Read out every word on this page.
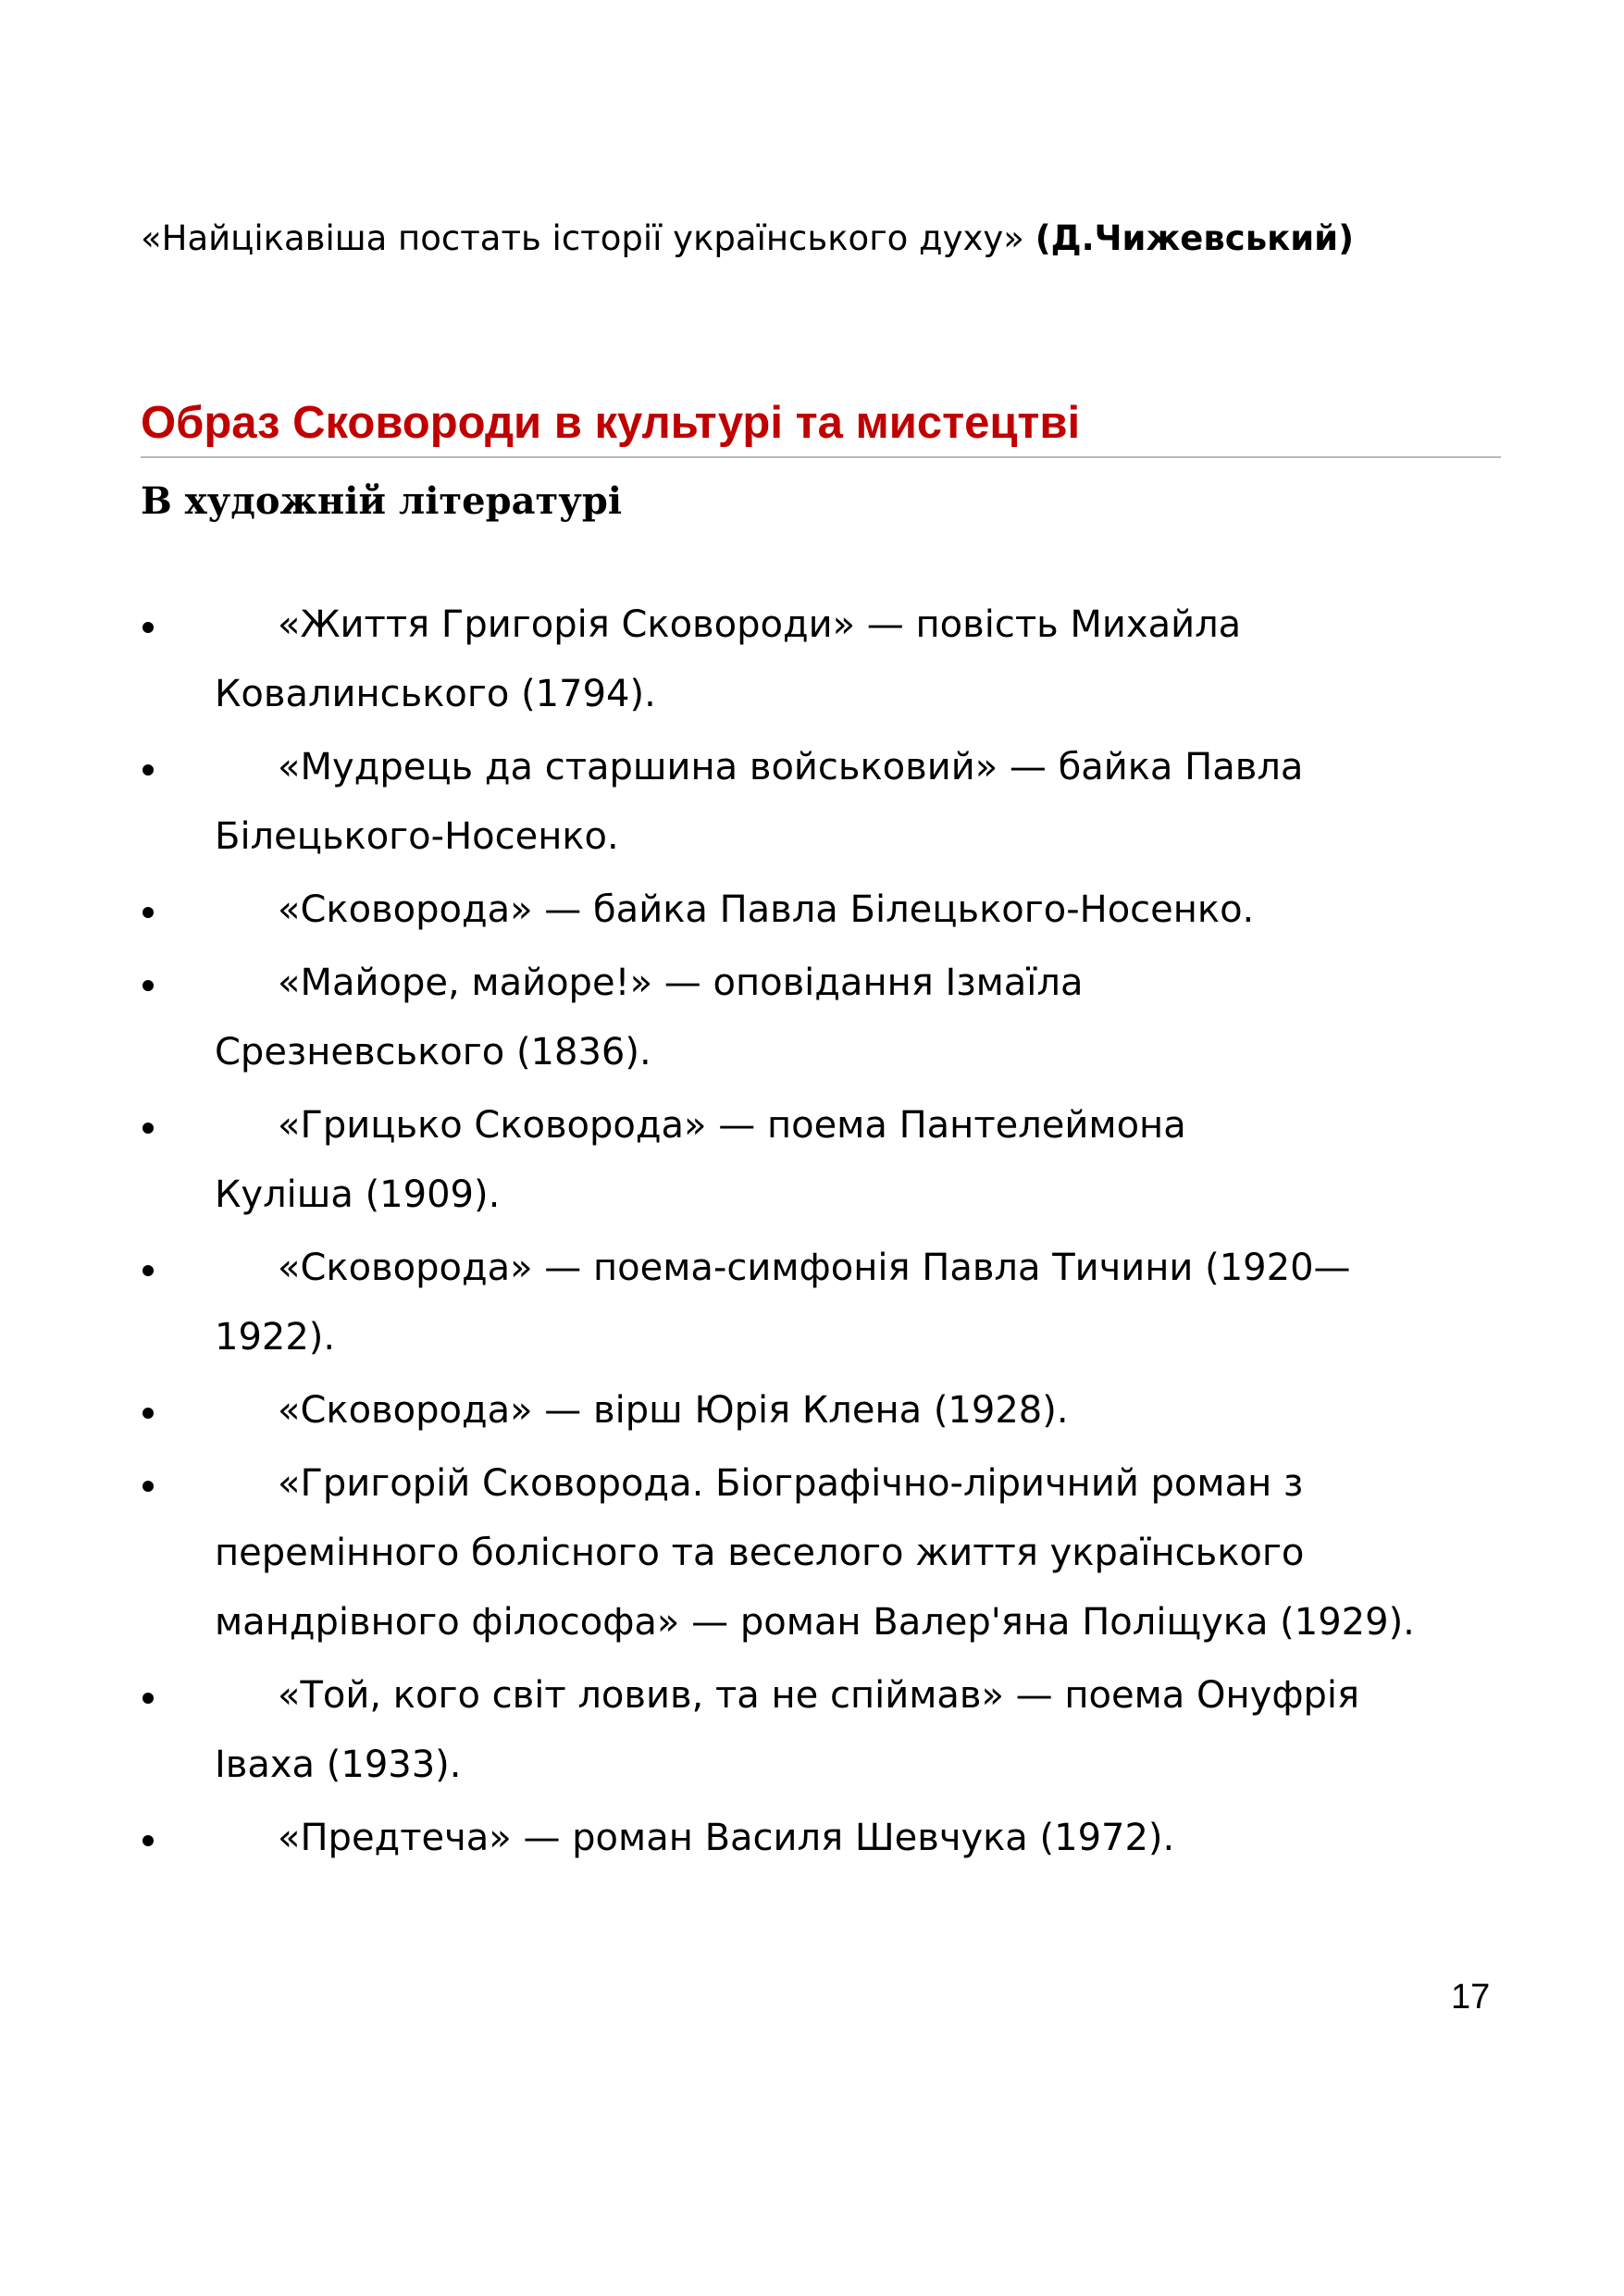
«Найцікавіша постать історії українського духу» (Д.Чижевський)
Образ Сковороди в культурі та мистецтві
В художній літературі
«Життя Григорія Сковороди» — повість Михайла
Ковалинського (1794).
«Мудрець да старшина войськовий» — байка Павла
Білецького-Носенко.
«Сковорода» — байка Павла Білецького-Носенко.
«Майоре, майоре!» — оповідання Ізмаїла
Срезневського (1836).
«Грицько Сковорода» — поема Пантелеймона
Куліша (1909).
«Сковорода» — поема-симфонія Павла Тичини (1920—
1922).
«Сковорода» — вірш Юрія Клена (1928).
«Григорій Сковорода. Біографічно-ліричний роман з
перемінного болісного та веселого життя українського
мандрівного філософа» — роман Валер'яна Поліщука (1929).
«Той, кого світ ловив, та не спіймав» — поема Онуфрія
Іваха (1933).
«Предтеча» — роман Василя Шевчука (1972).
17
